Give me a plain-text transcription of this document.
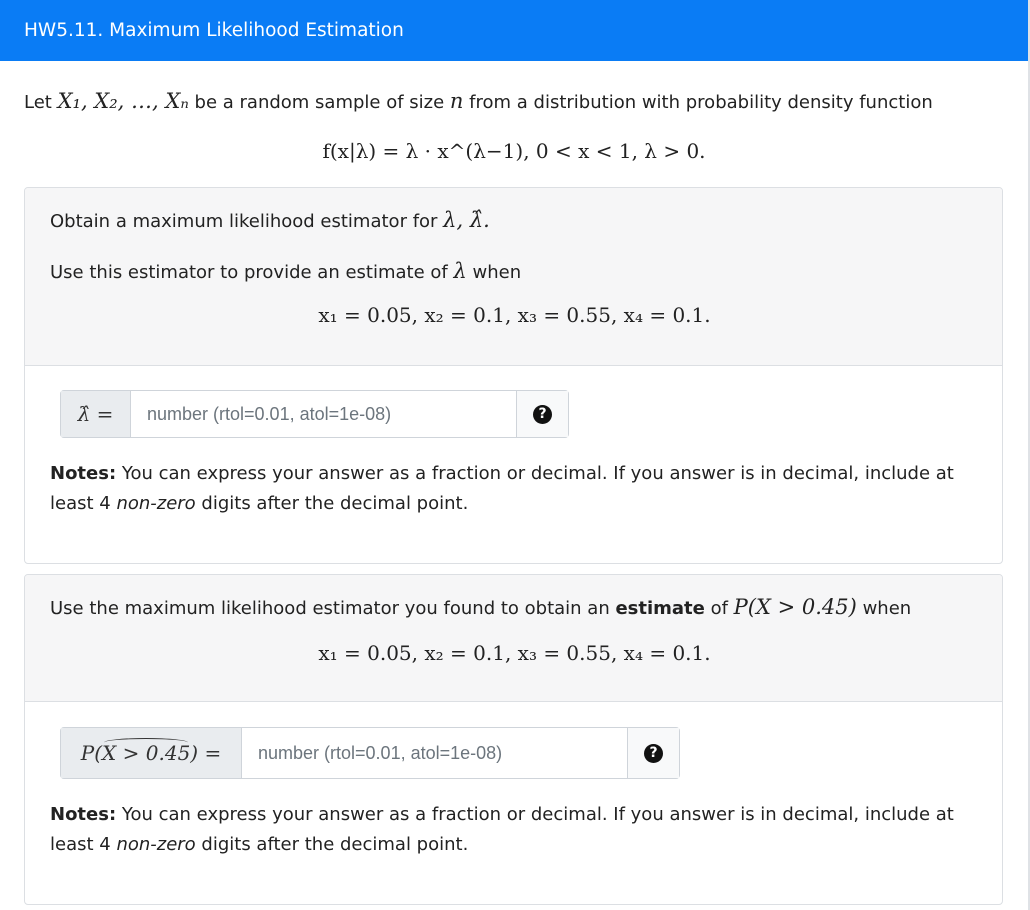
HW5.11. Maximum Likelihood Estimation
Let X₁, X₂, …, Xₙ be a random sample of size n from a distribution with probability density function
f(x|λ) = λ · x^(λ−1), 0 < x < 1, λ > 0.
Obtain a maximum likelihood estimator for λ, λ̂.
Use this estimator to provide an estimate of λ when
x₁ = 0.05, x₂ = 0.1, x₃ = 0.55, x₄ = 0.1.
λ̂ =
number (rtol=0.01, atol=1e-08)	?
Notes: You can express your answer as a fraction or decimal. If you answer is in decimal, include at least 4 non-zero digits after the decimal point.
Use the maximum likelihood estimator you found to obtain an estimate of P(X > 0.45) when
x₁ = 0.05, x₂ = 0.1, x₃ = 0.55, x₄ = 0.1.
P( X > 0.45 ) =
number (rtol=0.01, atol=1e-08)	?
Notes: You can express your answer as a fraction or decimal. If you answer is in decimal, include at least 4 non-zero digits after the decimal point.
